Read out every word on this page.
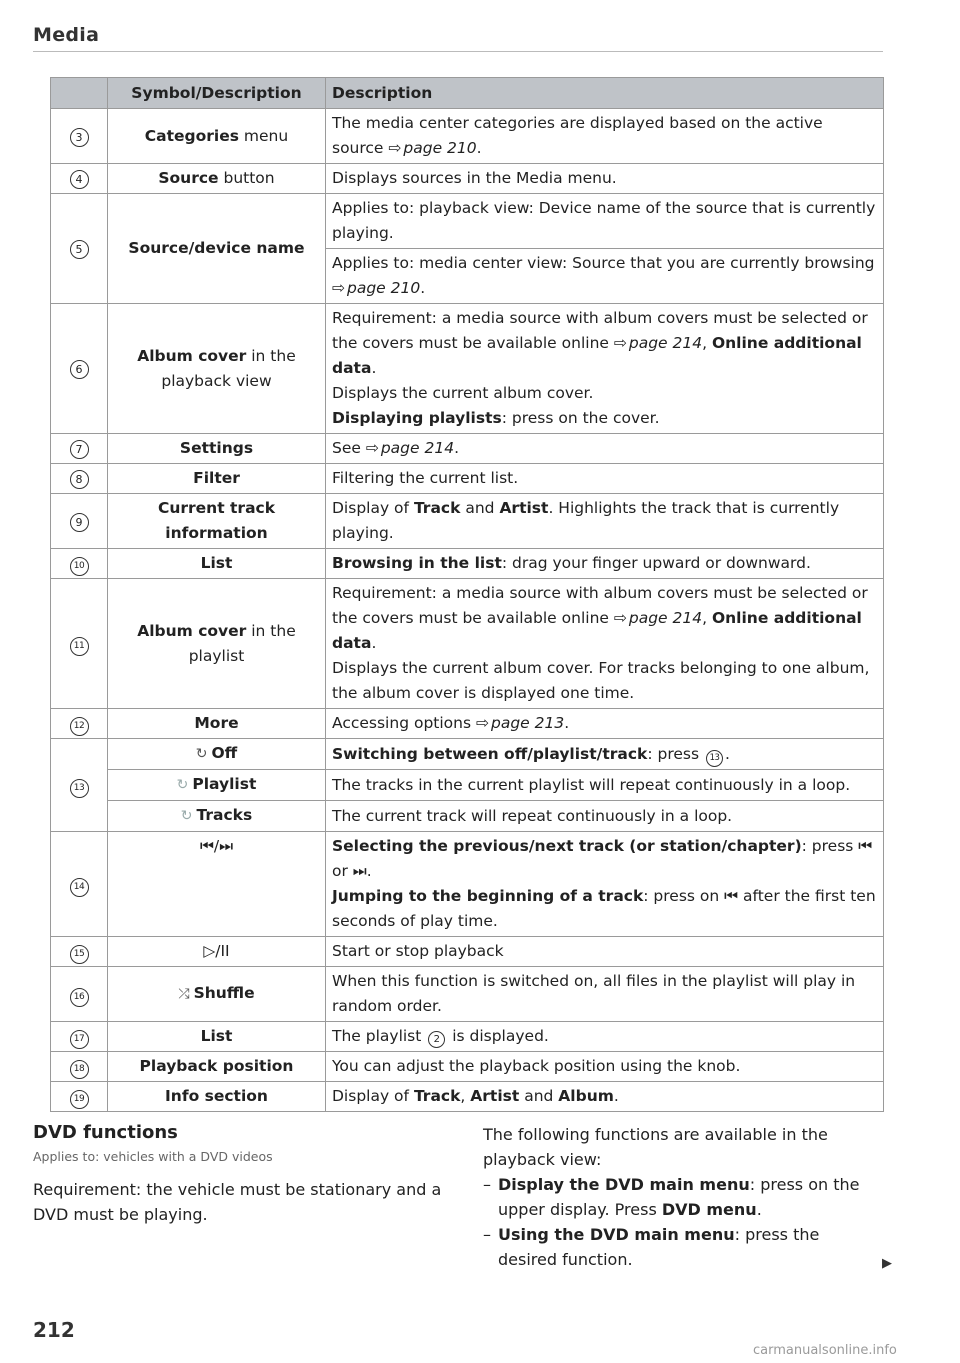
Media
	Symbol/Description	Description
3	Categories menu	The media center categories are displayed based on the active source ⇨ page 210.
4	Source button	Displays sources in the Media menu.
5	Source/device name	Applies to: playback view: Device name of the source that is currently playing.
		Applies to: media center view: Source that you are currently browsing ⇨ page 210.
6	Album cover in the playback view	Requirement: a media source with album covers must be selected or the covers must be available online ⇨ page 214, Online additional data.
Displays the current album cover.
Displaying playlists: press on the cover.
7	Settings	See ⇨ page 214.
8	Filter	Filtering the current list.
9	Current track information	Display of Track and Artist. Highlights the track that is currently playing.
10	List	Browsing in the list: drag your finger upward or downward.
11	Album cover in the playlist	Requirement: a media source with album covers must be selected or the covers must be available online ⇨ page 214, Online additional data.
Displays the current album cover. For tracks belonging to one album, the album cover is displayed one time.
12	More	Accessing options ⇨ page 213.
13	↻ Off	Switching between off/playlist/track: press 13 .
	↻ Playlist	The tracks in the current playlist will repeat continuously in a loop.
	↻ Tracks	The current track will repeat continuously in a loop.
14	⏮/⏭	Selecting the previous/next track (or station/chapter): press ⏮ or ⏭.
Jumping to the beginning of a track: press on ⏮ after the first ten seconds of play time.
15	▷/II	Start or stop playback
16	⤮ Shuffle	When this function is switched on, all files in the playlist will play in random order.
17	List	The playlist 2 is displayed.
18	Playback position	You can adjust the playback position using the knob.
19	Info section	Display of Track, Artist and Album.
DVD functions
Applies to: vehicles with a DVD videos
Requirement: the vehicle must be stationary and a DVD must be playing.
The following functions are available in the playback view:
– Display the DVD main menu: press on the upper display. Press DVD menu.
– Using the DVD main menu: press the desired function.	▶
212
carmanualsonline.info
